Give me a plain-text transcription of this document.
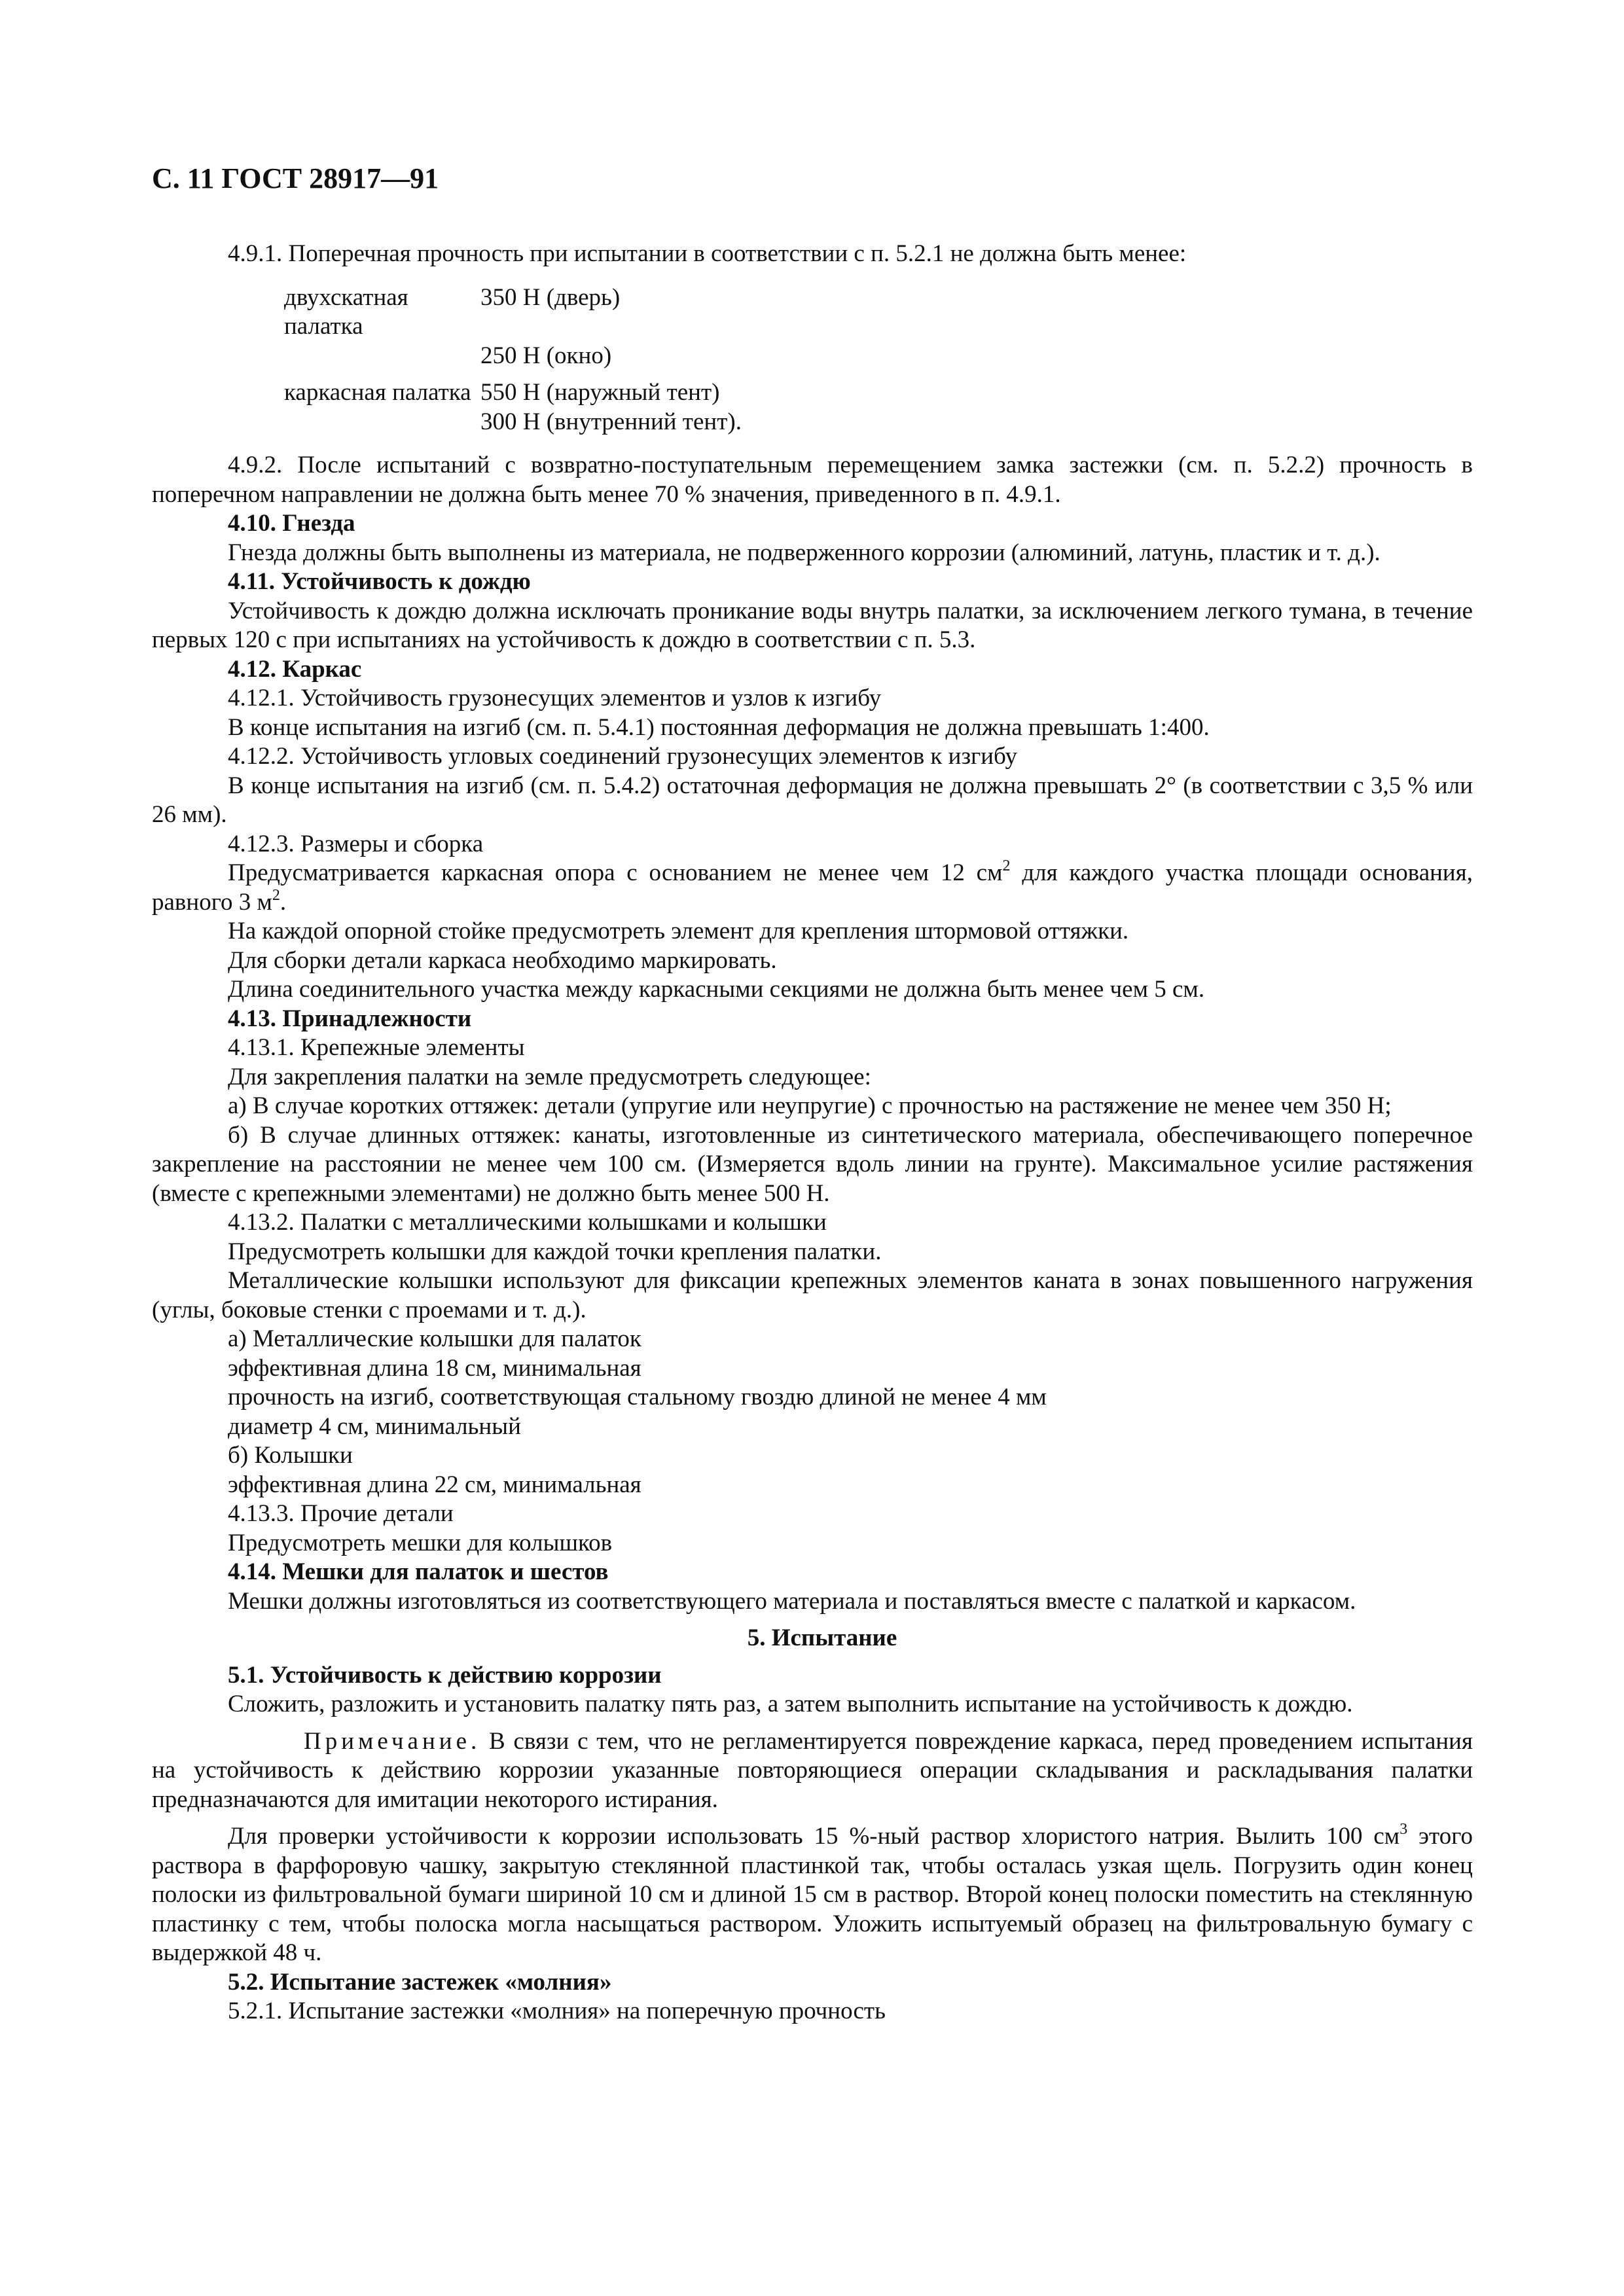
С. 11 ГОСТ 28917—91

4.9.1. Поперечная прочность при испытании в соответствии с п. 5.2.1 не должна быть менее:

двухскатная палатка
350 Н (дверь)
250 Н (окно)
каркасная палатка 550 Н (наружный тент)
300 Н (внутренний тент).

4.9.2. После испытаний с возвратно-поступательным перемещением замка застежки (см. п. 5.2.2) прочность в поперечном направлении не должна быть менее 70 % значения, приведенного в п. 4.9.1.

4.10. Гнезда

Гнезда должны быть выполнены из материала, не подверженного коррозии (алюминий, латунь, пластик и т. д.).

4.11. Устойчивость к дождю

Устойчивость к дождю должна исключать проникание воды внутрь палатки, за исключением легкого тумана, в течение первых 120 с при испытаниях на устойчивость к дождю в соответствии с п. 5.3.

4.12. Каркас

4.12.1. Устойчивость грузонесущих элементов и узлов к изгибу

В конце испытания на изгиб (см. п. 5.4.1) постоянная деформация не должна превышать 1:400.

4.12.2. Устойчивость угловых соединений грузонесущих элементов к изгибу

В конце испытания на изгиб (см. п. 5.4.2) остаточная деформация не должна превышать 2° (в соответствии с 3,5 % или 26 мм).

4.12.3. Размеры и сборка

Предусматривается каркасная опора с основанием не менее чем 12 $см^2$ для каждого участка площади основания, равного 3 $м^2$.

На каждой опорной стойке предусмотреть элемент для крепления штормовой оттяжки.

Для сборки детали каркаса необходимо маркировать.

Длина соединительного участка между каркасными секциями не должна быть менее чем 5 см.

4.13. Принадлежности

4.13.1. Крепежные элементы

Для закрепления палатки на земле предусмотреть следующее:

а) В случае коротких оттяжек: детали (упругие или неупругие) с прочностью на растяжение не менее чем 350 Н;

б) В случае длинных оттяжек: канаты, изготовленные из синтетического материала, обеспечивающего поперечное закрепление на расстоянии не менее чем 100 см. (Измеряется вдоль линии на грунте). Максимальное усилие растяжения (вместе с крепежными элементами) не должно быть менее 500 Н.

4.13.2. Палатки с металлическими колышками и колышки

Предусмотреть колышки для каждой точки крепления палатки.

Металлические колышки используют для фиксации крепежных элементов каната в зонах повышенного нагружения (углы, боковые стенки с проемами и т. д.).

а) Металлические колышки для палаток

эффективная длина 18 см, минимальная

прочность на изгиб, соответствующая стальному гвоздю длиной не менее 4 мм

диаметр 4 см, минимальный

б) Колышки

эффективная длина 22 см, минимальная

4.13.3. Прочие детали

Предусмотреть мешки для колышков

4.14. Мешки для палаток и шестов

Мешки должны изготовляться из соответствующего материала и поставляться вместе с палаткой и каркасом.

5. Испытание

5.1. Устойчивость к действию коррозии

Сложить, разложить и установить палатку пять раз, а затем выполнить испытание на устойчивость к дождю.

Примечание. В связи с тем, что не регламентируется повреждение каркаса, перед проведением испытания на устойчивость к действию коррозии указанные повторяющиеся операции складывания и раскладывания палатки предназначаются для имитации некоторого истирания.

Для проверки устойчивости к коррозии использовать 15 %-ный раствор хлористого натрия. Вылить 100 $см^3$ этого раствора в фарфоровую чашку, закрытую стеклянной пластинкой так, чтобы осталась узкая щель. Погрузить один конец полоски из фильтровальной бумаги шириной 10 см и длиной 15 см в раствор. Второй конец полоски поместить на стеклянную пластинку с тем, чтобы полоска могла насыщаться раствором. Уложить испытуемый образец на фильтровальную бумагу с выдержкой 48 ч.

5.2. Испытание застежек «молния»

5.2.1. Испытание застежки «молния» на поперечную прочность
